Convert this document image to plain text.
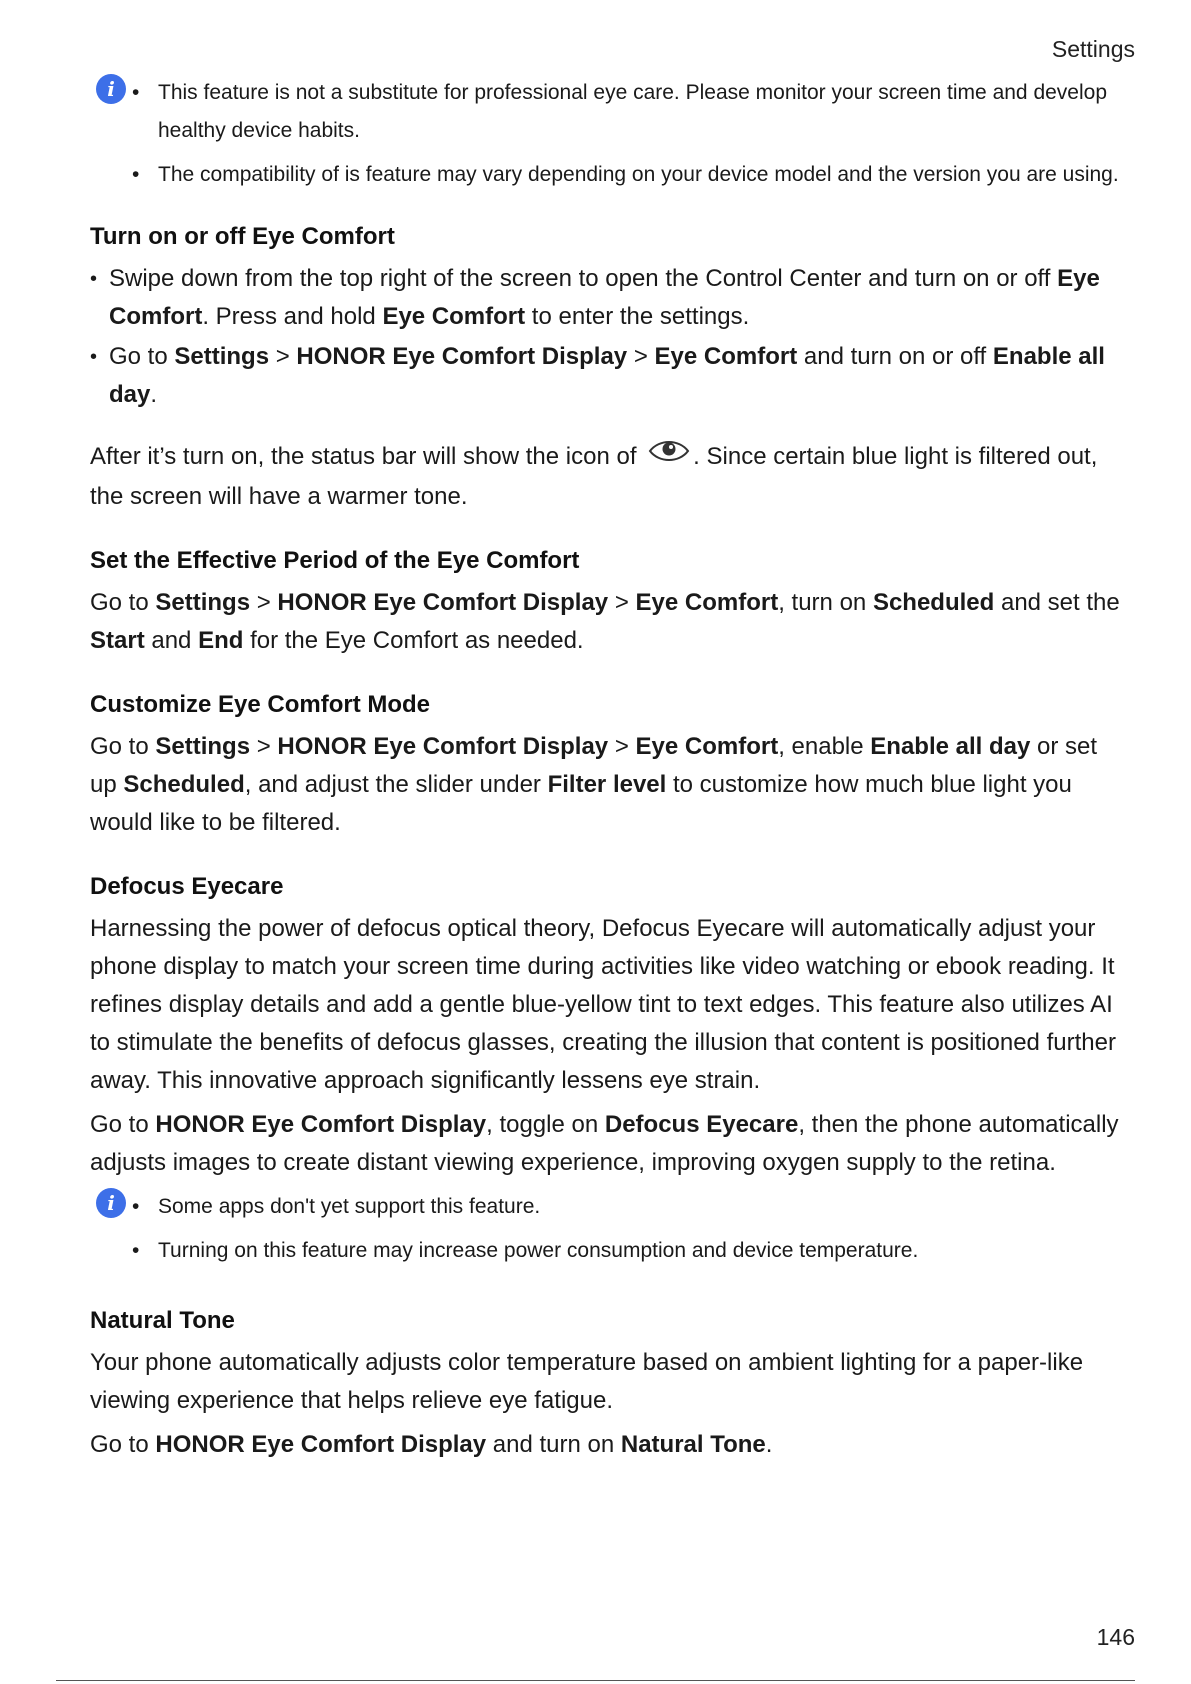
Settings
i • This feature is not a substitute for professional eye care. Please monitor your screen time and develop healthy device habits.
• The compatibility of is feature may vary depending on your device model and the version you are using.
Turn on or off Eye Comfort
• Swipe down from the top right of the screen to open the Control Center and turn on or off Eye Comfort. Press and hold Eye Comfort to enter the settings.
• Go to Settings > HONOR Eye Comfort Display > Eye Comfort and turn on or off Enable all day.

After it’s turn on, the status bar will show the icon of . Since certain blue light is filtered out, the screen will have a warmer tone.

Set the Effective Period of the Eye Comfort

Go to Settings > HONOR Eye Comfort Display > Eye Comfort, turn on Scheduled and set the Start and End for the Eye Comfort as needed.

Customize Eye Comfort Mode

Go to Settings > HONOR Eye Comfort Display > Eye Comfort, enable Enable all day or set up Scheduled, and adjust the slider under Filter level to customize how much blue light you would like to be filtered.

Defocus Eyecare

Harnessing the power of defocus optical theory, Defocus Eyecare will automatically adjust your phone display to match your screen time during activities like video watching or ebook reading. It refines display details and add a gentle blue-yellow tint to text edges. This feature also utilizes AI to stimulate the benefits of defocus glasses, creating the illusion that content is positioned further away. This innovative approach significantly lessens eye strain.

Go to HONOR Eye Comfort Display, toggle on Defocus Eyecare, then the phone automatically adjusts images to create distant viewing experience, improving oxygen supply to the retina.

i • Some apps don't yet support this feature.
• Turning on this feature may increase power consumption and device temperature.
Natural Tone

Your phone automatically adjusts color temperature based on ambient lighting for a paper-like viewing experience that helps relieve eye fatigue.

Go to HONOR Eye Comfort Display and turn on Natural Tone.

146
